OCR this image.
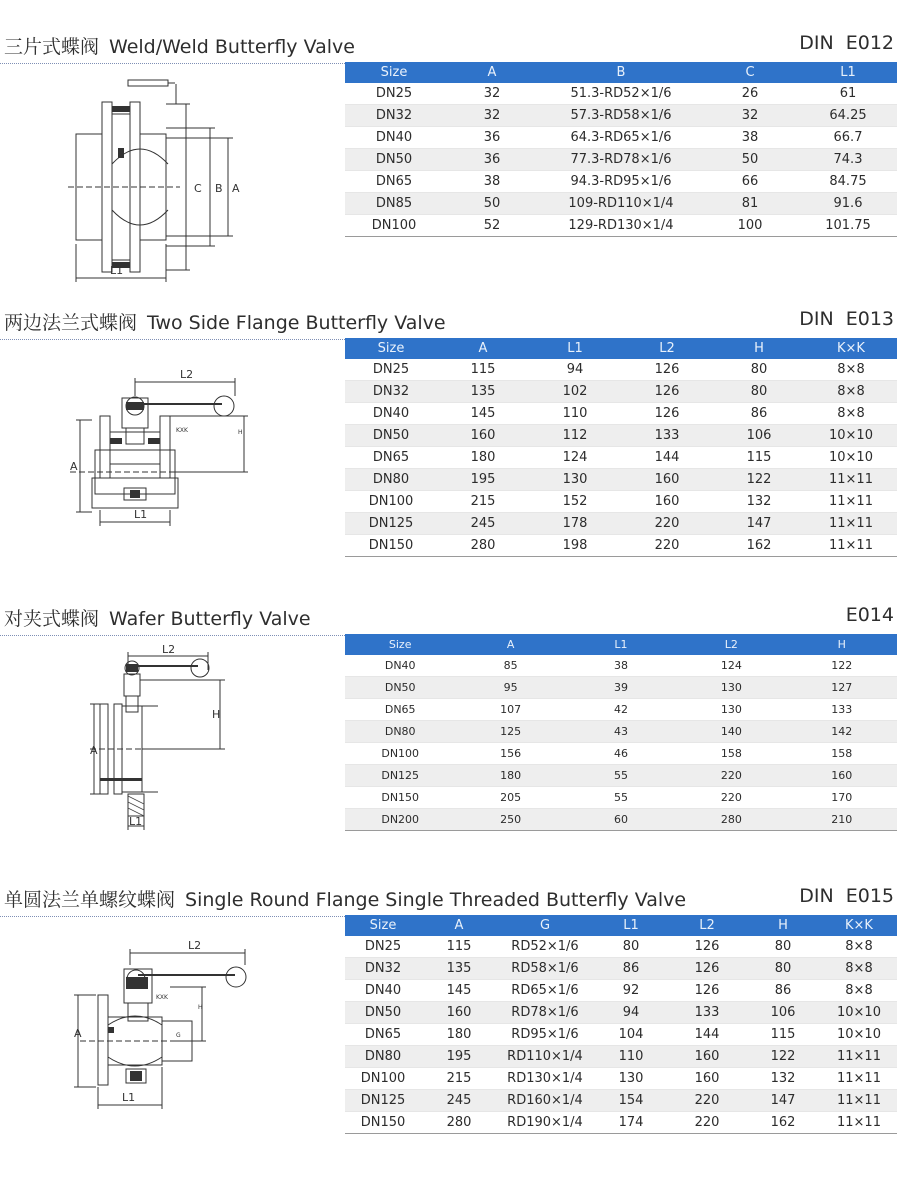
三片式蝶阀 Weld/Weld Butterfly Valve	DIN E012
C B A
L1
Size	A	B	C	L1
DN25	32	51.3-RD52×1/6	26	61
DN32	32	57.3-RD58×1/6	32	64.25
DN40	36	64.3-RD65×1/6	38	66.7
DN50	36	77.3-RD78×1/6	50	74.3
DN65	38	94.3-RD95×1/6	66	84.75
DN85	50	109-RD110×1/4	81	91.6
DN100	52	129-RD130×1/4	100	101.75
两边法兰式蝶阀 Two Side Flange Butterfly Valve	DIN E013
L2
A
L1
H
KXK
Size	A	L1	L2	H	K×K
DN25	115	94	126	80	8×8
DN32	135	102	126	80	8×8
DN40	145	110	126	86	8×8
DN50	160	112	133	106	10×10
DN65	180	124	144	115	10×10
DN80	195	130	160	122	11×11
DN100	215	152	160	132	11×11
DN125	245	178	220	147	11×11
DN150	280	198	220	162	11×11
对夹式蝶阀 Wafer Butterfly Valve	E014
L2
H
A
L1
Size	A	L1	L2	H
DN40	85	38	124	122
DN50	95	39	130	127
DN65	107	42	130	133
DN80	125	43	140	142
DN100	156	46	158	158
DN125	180	55	220	160
DN150	205	55	220	170
DN200	250	60	280	210
单圆法兰单螺纹蝶阀 Single Round Flange Single Threaded Butterfly Valve	DIN E015
L2
A
L1
H
KXK
G
Size	A	G	L1	L2	H	K×K
DN25	115	RD52×1/6	80	126	80	8×8
DN32	135	RD58×1/6	86	126	80	8×8
DN40	145	RD65×1/6	92	126	86	8×8
DN50	160	RD78×1/6	94	133	106	10×10
DN65	180	RD95×1/6	104	144	115	10×10
DN80	195	RD110×1/4	110	160	122	11×11
DN100	215	RD130×1/4	130	160	132	11×11
DN125	245	RD160×1/4	154	220	147	11×11
DN150	280	RD190×1/4	174	220	162	11×11
